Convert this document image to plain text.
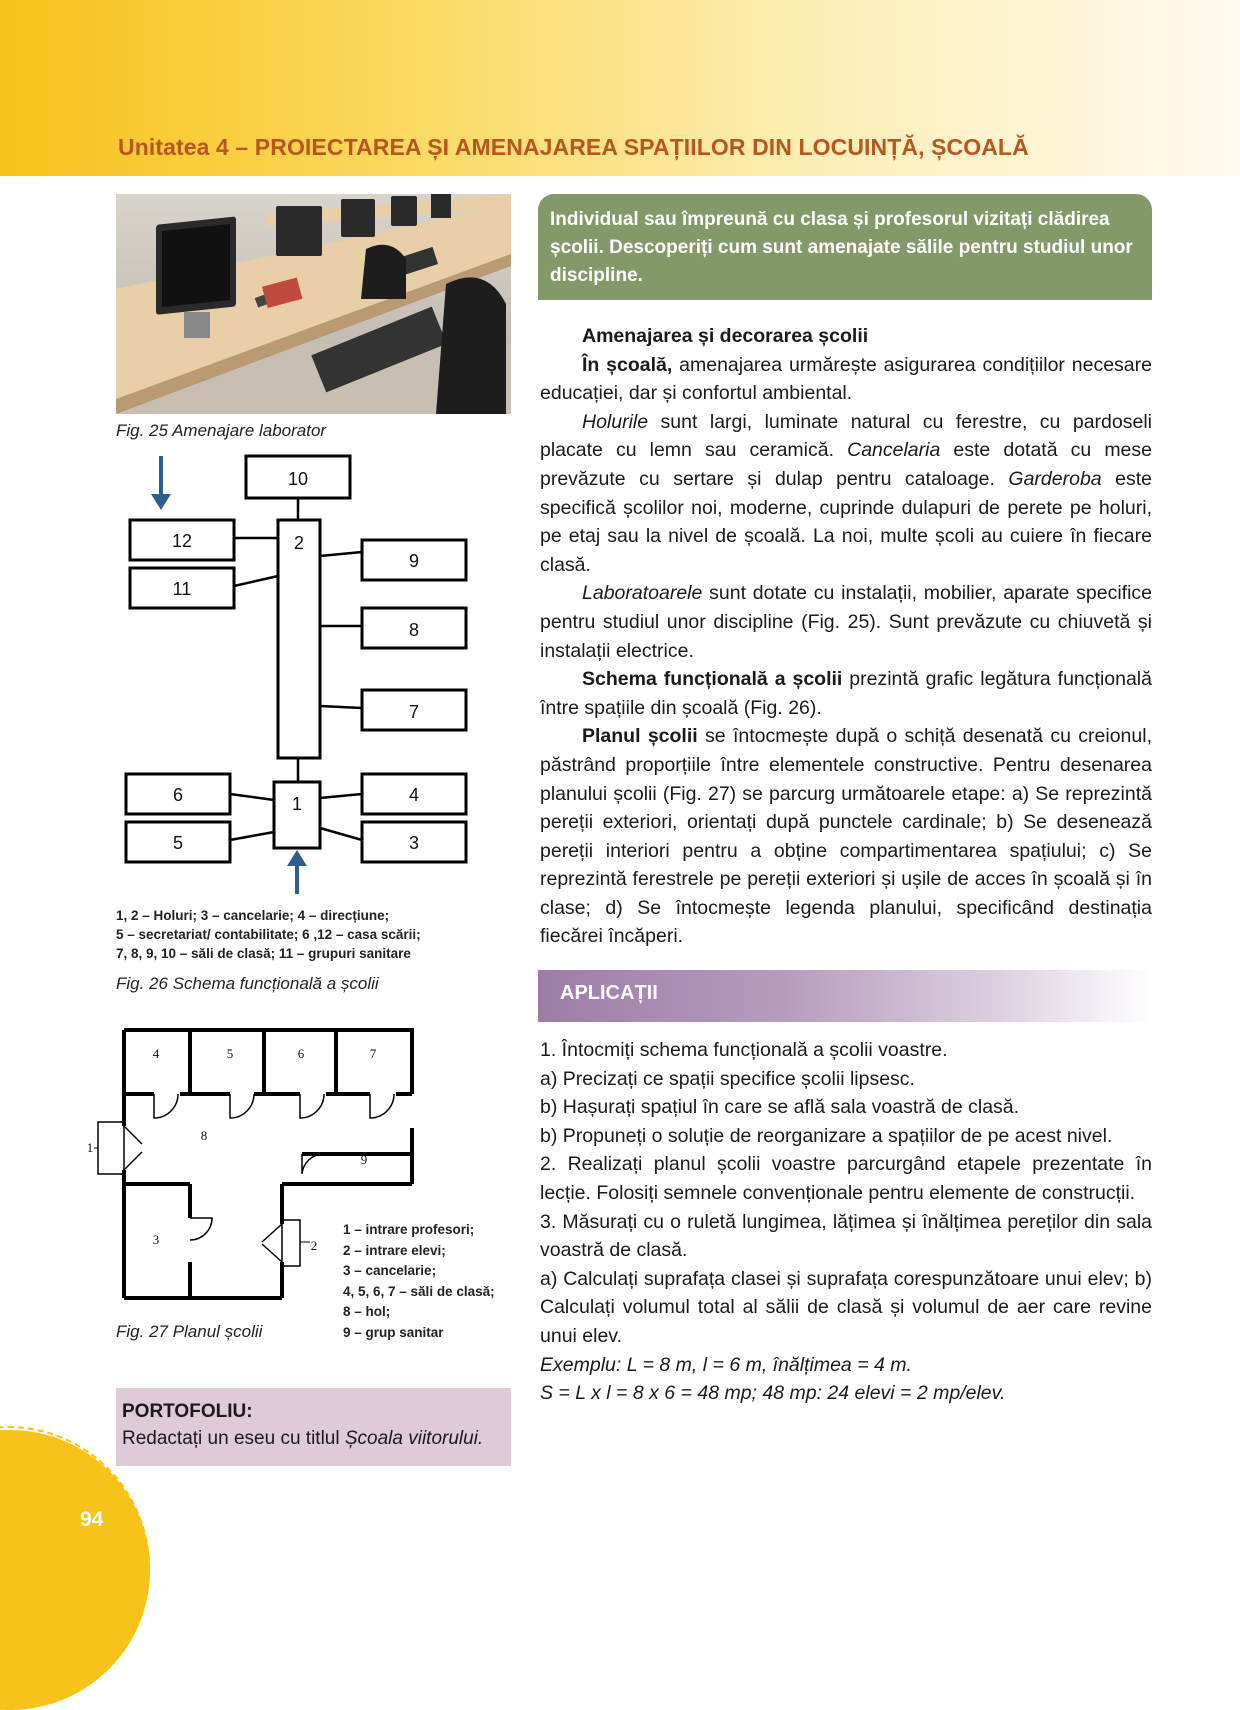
Unitatea 4 – PROIECTAREA ȘI AMENAJAREA SPAȚIILOR DIN LOCUINȚĂ, ȘCOALĂ
Fig. 25 Amenajare laborator
10
2
12
11
9
8
7
1
6
5
4
3
1, 2 – Holuri; 3 – cancelarie; 4 – direcțiune;
5 – secretariat/ contabilitate; 6 ,12 – casa scării;
7, 8, 9, 10 – săli de clasă; 11 – grupuri sanitare
Fig. 26 Schema funcțională a școlii
4	5	6	7
8
9
3
1
2
1 – intrare profesori;
2 – intrare elevi;
3 – cancelarie;
4, 5, 6, 7 – săli de clasă;
8 – hol;
9 – grup sanitar
Fig. 27 Planul școlii
PORTOFOLIU:
Redactați un eseu cu titlul Școala viitorului.
Individual sau împreună cu clasa și profesorul vizitați clădirea școlii. Descoperiți cum sunt amenajate sălile pentru studiul unor discipline.

Amenajarea și decorarea școlii

În școală, amenajarea urmărește asigurarea condițiilor necesare educației, dar și confortul ambiental.

Holurile sunt largi, luminate natural cu ferestre, cu pardoseli placate cu lemn sau ceramică. Cancelaria este dotată cu mese prevăzute cu sertare și dulap pentru cataloage. Garderoba este specifică școlilor noi, moderne, cuprinde dulapuri de perete pe holuri, pe etaj sau la nivel de școală. La noi, multe școli au cuiere în fiecare clasă.

Laboratoarele sunt dotate cu instalații, mobilier, aparate specifice pentru studiul unor discipline (Fig. 25). Sunt prevăzute cu chiuvetă și instalații electrice.

Schema funcțională a școlii prezintă grafic legătura funcțională între spațiile din școală (Fig. 26).

Planul școlii se întocmește după o schiță desenată cu creionul, păstrând proporțiile între elementele constructive. Pentru desenarea planului școlii (Fig. 27) se parcurg următoarele etape: a) Se reprezintă pereții exteriori, orientați după punctele cardinale; b) Se desenează pereții interiori pentru a obține compartimentarea spațiului; c) Se reprezintă ferestrele pe pereții exteriori și ușile de acces în școală și în clase; d) Se întocmește legenda planului, specificând destinația fiecărei încăperi.

APLICAȚII

1. Întocmiți schema funcțională a școlii voastre.

a) Precizați ce spații specifice școlii lipsesc.

b) Hașurați spațiul în care se află sala voastră de clasă.

b) Propuneți o soluție de reorganizare a spațiilor de pe acest nivel.

2. Realizați planul școlii voastre parcurgând etapele prezentate în lecție. Folosiți semnele convenționale pentru elemente de construcții.

3. Măsurați cu o ruletă lungimea, lățimea și înălțimea pereților din sala voastră de clasă.

a) Calculați suprafața clasei și suprafața corespunzătoare unui elev; b) Calculați volumul total al sălii de clasă și volumul de aer care revine unui elev.

Exemplu: L = 8 m, l = 6 m, înălțimea = 4 m.

S = L x l = 8 x 6 = 48 mp; 48 mp: 24 elevi = 2 mp/elev.

94
